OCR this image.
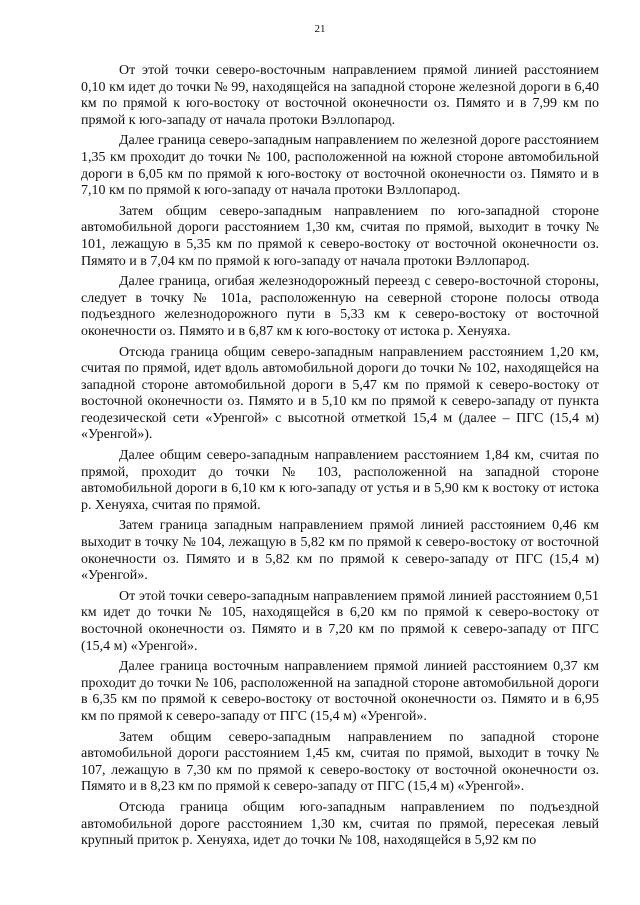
21

От этой точки северо-восточным направлением прямой линией расстоянием 0,10 км идет до точки № 99, находящейся на западной стороне железной дороги в 6,40 км по прямой к юго-востоку от восточной оконечности оз. Пямято и в 7,99 км по прямой к юго-западу от начала протоки Вэллопарод.

Далее граница северо-западным направлением по железной дороге расстоянием 1,35 км проходит до точки № 100, расположенной на южной стороне автомобильной дороги в 6,05 км по прямой к юго-востоку от восточной оконечности оз. Пямято и в 7,10 км по прямой к юго-западу от начала протоки Вэллопарод.

Затем общим северо-западным направлением по юго-западной стороне автомобильной дороги расстоянием 1,30 км, считая по прямой, выходит в точку № 101, лежащую в 5,35 км по прямой к северо-востоку от восточной оконечности оз. Пямято и в 7,04 км по прямой к юго-западу от начала протоки Вэллопарод.

Далее граница, огибая железнодорожный переезд с северо-восточной стороны, следует в точку № 101а, расположенную на северной стороне полосы отвода подъездного железнодорожного пути в 5,33 км к северо-востоку от восточной оконечности оз. Пямято и в 6,87 км к юго-востоку от истока р. Хенуяха.

Отсюда граница общим северо-западным направлением расстоянием 1,20 км, считая по прямой, идет вдоль автомобильной дороги до точки № 102, находящейся на западной стороне автомобильной дороги в 5,47 км по прямой к северо-востоку от восточной оконечности оз. Пямято и в 5,10 км по прямой к северо-западу от пункта геодезической сети «Уренгой» с высотной отметкой 15,4 м (далее – ПГС (15,4 м) «Уренгой»).

Далее общим северо-западным направлением расстоянием 1,84 км, считая по прямой, проходит до точки № 103, расположенной на западной стороне автомобильной дороги в 6,10 км к юго-западу от устья и в 5,90 км к востоку от истока р. Хенуяха, считая по прямой.

Затем граница западным направлением прямой линией расстоянием 0,46 км выходит в точку № 104, лежащую в 5,82 км по прямой к северо-востоку от восточной оконечности оз. Пямято и в 5,82 км по прямой к северо-западу от ПГС (15,4 м) «Уренгой».

От этой точки северо-западным направлением прямой линией расстоянием 0,51 км идет до точки № 105, находящейся в 6,20 км по прямой к северо-востоку от восточной оконечности оз. Пямято и в 7,20 км по прямой к северо-западу от ПГС (15,4 м) «Уренгой».

Далее граница восточным направлением прямой линией расстоянием 0,37 км проходит до точки № 106, расположенной на западной стороне автомобильной дороги в 6,35 км по прямой к северо-востоку от восточной оконечности оз. Пямято и в 6,95 км по прямой к северо-западу от ПГС (15,4 м) «Уренгой».

Затем общим северо-западным направлением по западной стороне автомобильной дороги расстоянием 1,45 км, считая по прямой, выходит в точку № 107, лежащую в 7,30 км по прямой к северо-востоку от восточной оконечности оз. Пямято и в 8,23 км по прямой к северо-западу от ПГС (15,4 м) «Уренгой».

Отсюда граница общим юго-западным направлением по подъездной автомобильной дороге расстоянием 1,30 км, считая по прямой, пересекая левый крупный приток р. Хенуяха, идет до точки № 108, находящейся в 5,92 км по
